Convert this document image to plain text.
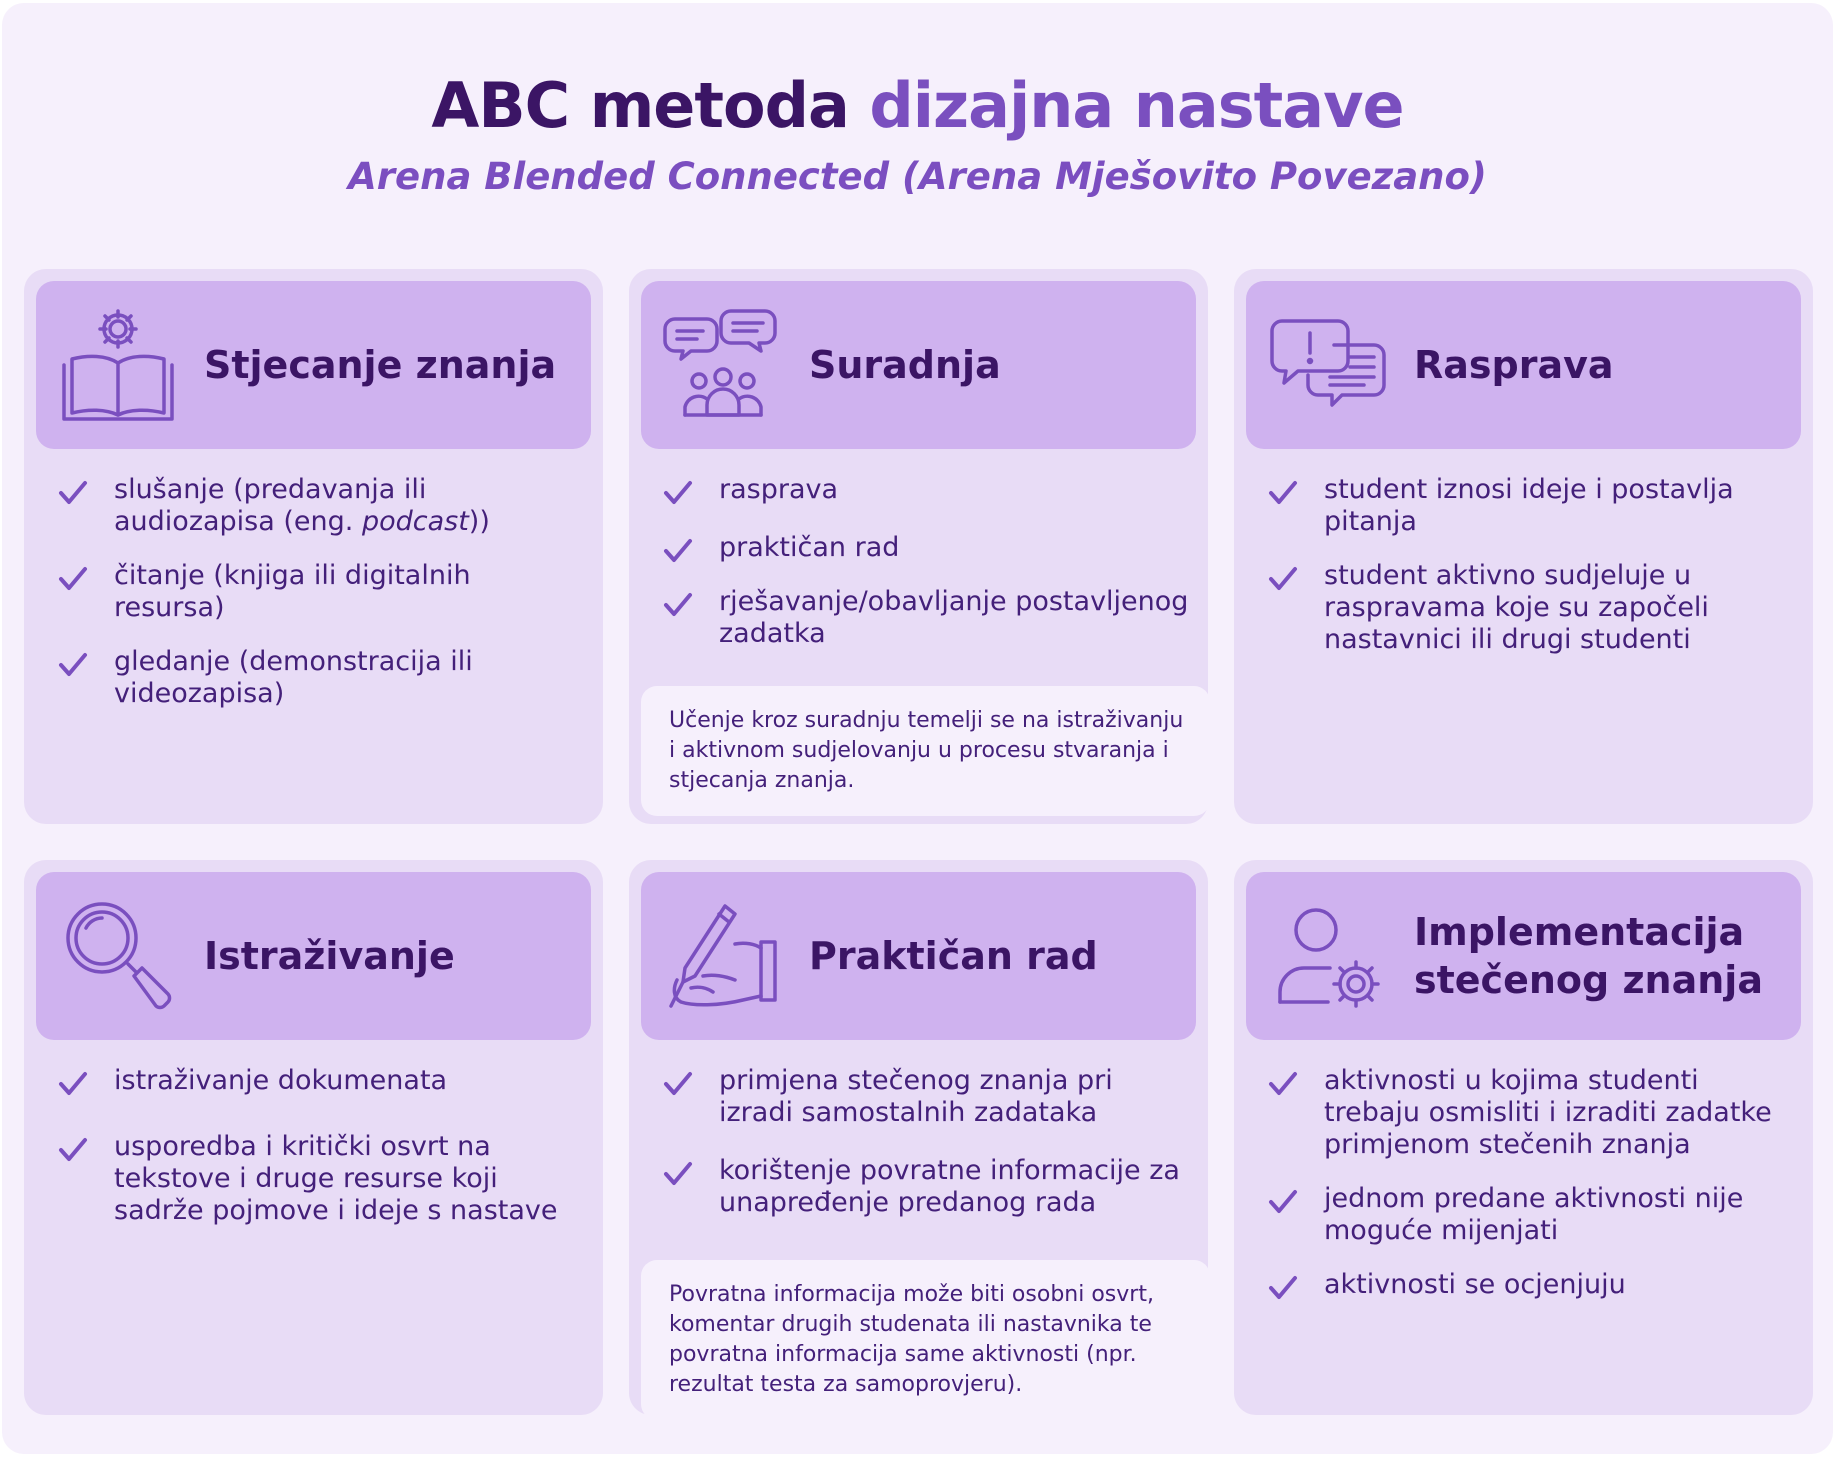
ABC metoda dizajna nastave
Arena Blended Connected (Arena Mješovito Povezano)
Stjecanje znanja
slušanje (predavanja ili audiozapisa (eng. podcast))
čitanje (knjiga ili digitalnih resursa)
gledanje (demonstracija ili videozapisa)
Suradnja
rasprava
praktičan rad
rješavanje/obavljanje postavljenog zadatka
Učenje kroz suradnju temelji se na istraživanju i aktivnom sudjelovanju u procesu stvaranja i stjecanja znanja.
Rasprava
student iznosi ideje i postavlja pitanja
student aktivno sudjeluje u raspravama koje su započeli nastavnici ili drugi studenti
Istraživanje
istraživanje dokumenata
usporedba i kritički osvrt na tekstove i druge resurse koji sadrže pojmove i ideje s nastave
Praktičan rad
primjena stečenog znanja pri izradi samostalnih zadataka
korištenje povratne informacije za unapređenje predanog rada
Povratna informacija može biti osobni osvrt, komentar drugih studenata ili nastavnika te povratna informacija same aktivnosti (npr. rezultat testa za samoprovjeru).
Implementacija stečenog znanja
aktivnosti u kojima studenti trebaju osmisliti i izraditi zadatke primjenom stečenih znanja
jednom predane aktivnosti nije moguće mijenjati
aktivnosti se ocjenjuju
